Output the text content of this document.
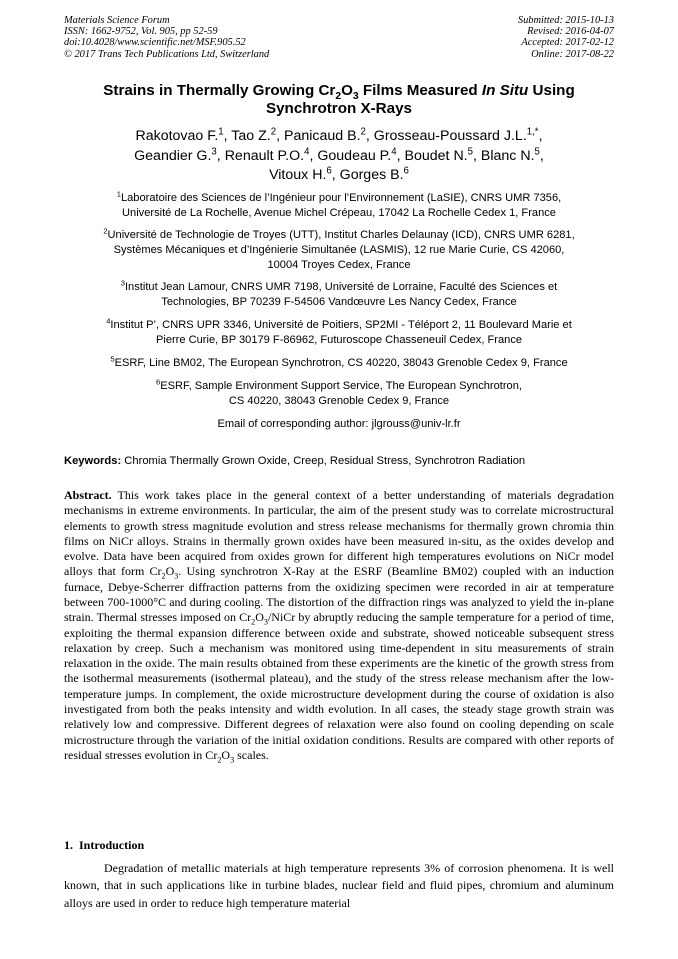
Materials Science Forum
ISSN: 1662-9752, Vol. 905, pp 52-59
doi:10.4028/www.scientific.net/MSF.905.52
© 2017 Trans Tech Publications Ltd, Switzerland
Submitted: 2015-10-13
Revised: 2016-04-07
Accepted: 2017-02-12
Online: 2017-08-22
Strains in Thermally Growing $Cr_2O_3$ Films Measured In Situ Using
Synchrotron X-Rays
Rakotovao F.$^1$, Tao Z.$^2$, Panicaud B.$^2$, Grosseau-Poussard J.L.$^{1,*}$,
Geandier G.$^3$, Renault P.O.$^4$, Goudeau P.$^4$, Boudet N.$^5$, Blanc N.$^5$,
Vitoux H.$^6$, Gorges B.$^6$
$^1$Laboratoire des Sciences de l’Ingénieur pour l’Environnement (LaSIE), CNRS UMR 7356,
Université de La Rochelle, Avenue Michel Crépeau, 17042 La Rochelle Cedex 1, France
$^2$Université de Technologie de Troyes (UTT), Institut Charles Delaunay (ICD), CNRS UMR 6281,
Systèmes Mécaniques et d’Ingénierie Simultanée (LASMIS), 12 rue Marie Curie, CS 42060,
10004 Troyes Cedex, France
$^3$Institut Jean Lamour, CNRS UMR 7198, Université de Lorraine, Faculté des Sciences et
Technologies, BP 70239 F-54506 Vandœuvre Les Nancy Cedex, France
$^4$Institut P’, CNRS UPR 3346, Université de Poitiers, SP2MI - Téléport 2, 11 Boulevard Marie et
Pierre Curie, BP 30179 F-86962, Futuroscope Chasseneuil Cedex, France
$^5$ESRF, Line BM02, The European Synchrotron, CS 40220, 38043 Grenoble Cedex 9, France
$^6$ESRF, Sample Environment Support Service, The European Synchrotron,
CS 40220, 38043 Grenoble Cedex 9, France
Email of corresponding author: jlgrouss@univ-lr.fr
Keywords: Chromia Thermally Grown Oxide, Creep, Residual Stress, Synchrotron Radiation
Abstract. This work takes place in the general context of a better understanding of materials degradation mechanisms in extreme environments. In particular, the aim of the present study was to correlate microstructural elements to growth stress magnitude evolution and stress release mechanisms for thermally grown chromia thin films on NiCr alloys. Strains in thermally grown oxides have been measured in-situ, as the oxides develop and evolve. Data have been acquired from oxides grown for different high temperatures evolutions on NiCr model alloys that form $Cr_2O_3$. Using synchrotron X-Ray at the ESRF (Beamline BM02) coupled with an induction furnace, Debye-Scherrer diffraction patterns from the oxidizing specimen were recorded in air at temperature between 700-1000°C and during cooling. The distortion of the diffraction rings was analyzed to yield the in-plane strain. Thermal stresses imposed on $Cr_2O_3$/NiCr by abruptly reducing the sample temperature for a period of time, exploiting the thermal expansion difference between oxide and substrate, showed noticeable subsequent stress relaxation by creep. Such a mechanism was monitored using time-dependent in situ measurements of strain relaxation in the oxide. The main results obtained from these experiments are the kinetic of the growth stress from the isothermal measurements (isothermal plateau), and the study of the stress release mechanism after the low-temperature jumps. In complement, the oxide microstructure development during the course of oxidation is also investigated from both the peaks intensity and width evolution. In all cases, the steady stage growth strain was relatively low and compressive. Different degrees of relaxation were also found on cooling depending on scale microstructure through the variation of the initial oxidation conditions. Results are compared with other reports of residual stresses evolution in $Cr_2O_3$ scales.
1. Introduction
Degradation of metallic materials at high temperature represents 3% of corrosion phenomena. It is well known, that in such applications like in turbine blades, nuclear field and fluid pipes, chromium and aluminum alloys are used in order to reduce high temperature material
